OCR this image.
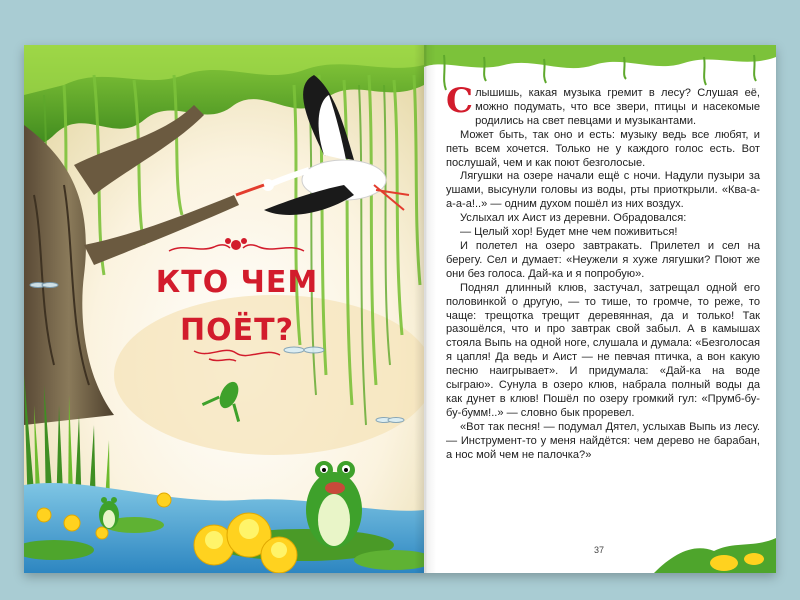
КТО ЧЕМ
ПОЁТ?

Слышишь, какая музыка гремит в лесу? Слушая её, можно подумать, что все звери, птицы и насекомые родились на свет певцами и музыкантами.

Может быть, так оно и есть: музыку ведь все любят, и петь всем хочется. Только не у каждого голос есть. Вот послушай, чем и как поют безголосые.

Лягушки на озере начали ещё с ночи. Надули пузыри за ушами, высунули головы из воды, рты приоткрыли. «Ква-а-а-а-а!..» — одним духом пошёл из них воздух.

Услыхал их Аист из деревни. Обрадовался:

— Целый хор! Будет мне чем поживиться!

И полетел на озеро завтракать. Прилетел и сел на берегу. Сел и думает: «Неужели я хуже лягушки? Поют же они без голоса. Дай-ка и я попробую».

Поднял длинный клюв, застучал, затрещал одной его половинкой о другую, — то тише, то громче, то реже, то чаще: трещотка трещит деревянная, да и только! Так разошёлся, что и про завтрак свой забыл. А в камышах стояла Выпь на одной ноге, слушала и думала: «Безголосая я цапля! Да ведь и Аист — не певчая птичка, а вон какую песню наигрывает». И придумала: «Дай-ка на воде сыграю». Сунула в озеро клюв, набрала полный воды да как дунет в клюв! Пошёл по озеру громкий гул: «Прумб-бу-бу-бумм!..» — словно бык проревел.

«Вот так песня! — подумал Дятел, услыхав Выпь из лесу. — Инструмент-то у меня найдётся: чем дерево не барабан, а нос мой чем не палочка?»

37
